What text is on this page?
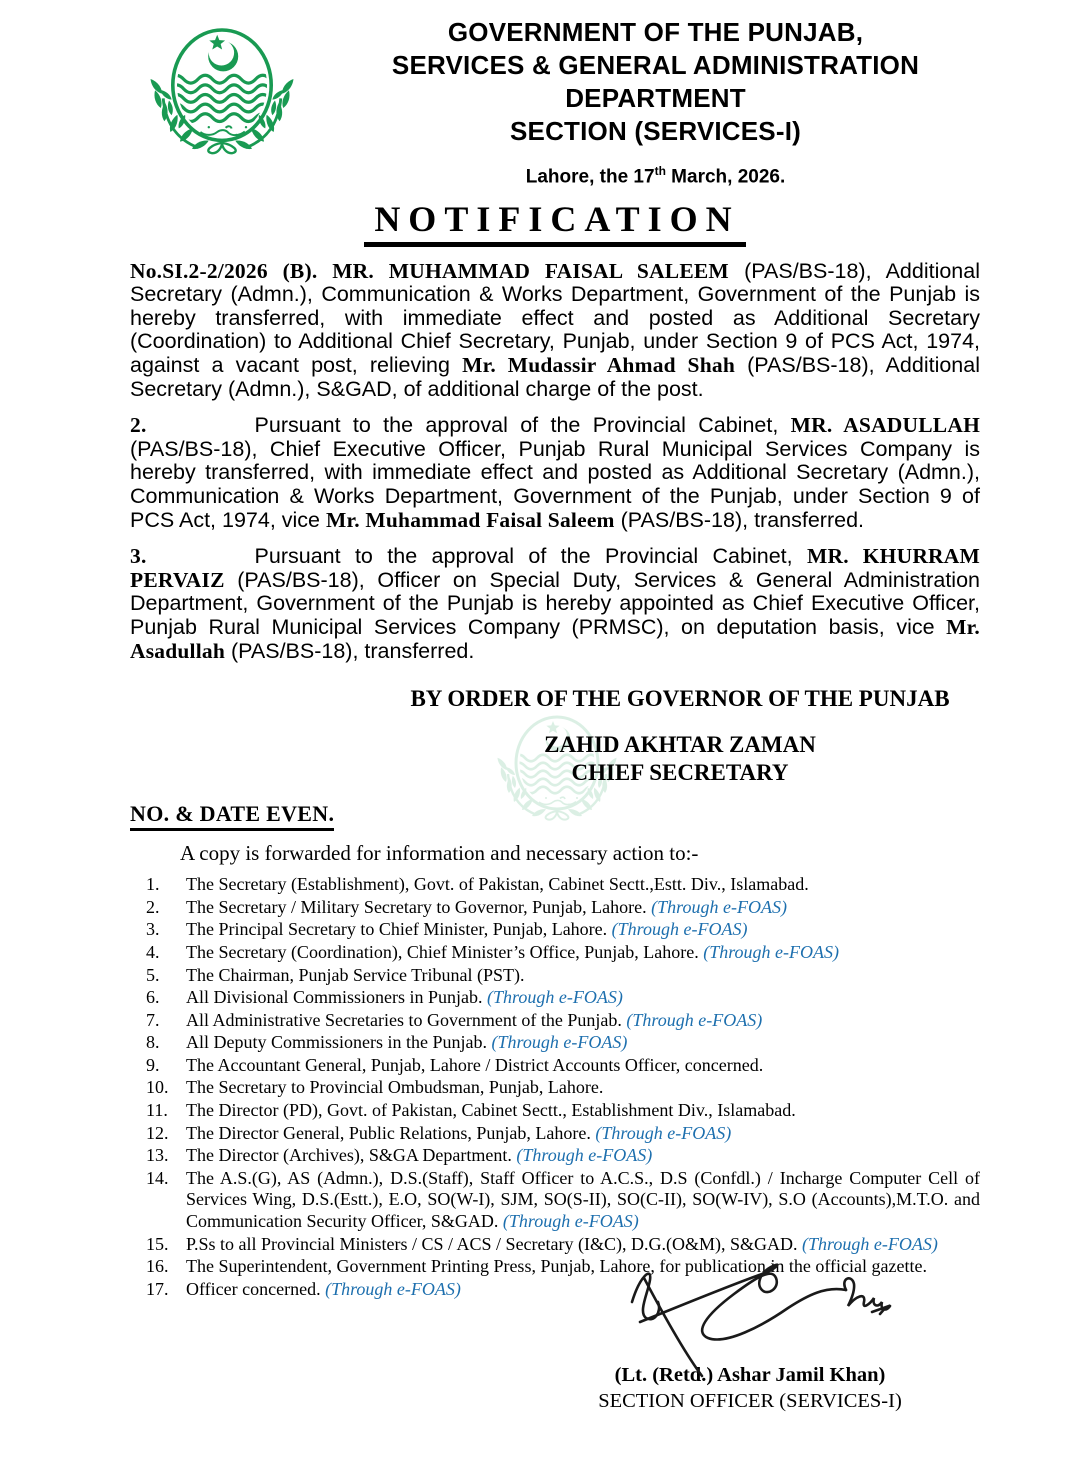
GOVERNMENT OF THE PUNJAB,
SERVICES & GENERAL ADMINISTRATION
DEPARTMENT
SECTION (SERVICES-I)
Lahore, the 17th March, 2026.
NOTIFICATION

No.SI.2-2/2026 (B). MR. MUHAMMAD FAISAL SALEEM (PAS/BS-18), Additional Secretary (Admn.), Communication & Works Department, Government of the Punjab is hereby transferred, with immediate effect and posted as Additional Secretary (Coordination) to Additional Chief Secretary, Punjab, under Section 9 of PCS Act, 1974, against a vacant post, relieving Mr. Mudassir Ahmad Shah (PAS/BS-18), Additional Secretary (Admn.), S&GAD, of additional charge of the post.

2.	Pursuant to the approval of the Provincial Cabinet, MR. ASADULLAH (PAS/BS-18), Chief Executive Officer, Punjab Rural Municipal Services Company is hereby transferred, with immediate effect and posted as Additional Secretary (Admn.), Communication & Works Department, Government of the Punjab, under Section 9 of PCS Act, 1974, vice Mr. Muhammad Faisal Saleem (PAS/BS-18), transferred.

3.	Pursuant to the approval of the Provincial Cabinet, MR. KHURRAM PERVAIZ (PAS/BS-18), Officer on Special Duty, Services & General Administration Department, Government of the Punjab is hereby appointed as Chief Executive Officer, Punjab Rural Municipal Services Company (PRMSC), on deputation basis, vice Mr. Asadullah (PAS/BS-18), transferred.

BY ORDER OF THE GOVERNOR OF THE PUNJAB
ZAHID AKHTAR ZAMAN
CHIEF SECRETARY
NO. & DATE EVEN.
A copy is forwarded for information and necessary action to:-
1.	The Secretary (Establishment), Govt. of Pakistan, Cabinet Sectt.,Estt. Div., Islamabad.
2.	The Secretary / Military Secretary to Governor, Punjab, Lahore. (Through e-FOAS)
3.	The Principal Secretary to Chief Minister, Punjab, Lahore. (Through e-FOAS)
4.	The Secretary (Coordination), Chief Minister’s Office, Punjab, Lahore. (Through e-FOAS)
5.	The Chairman, Punjab Service Tribunal (PST).
6.	All Divisional Commissioners in Punjab. (Through e-FOAS)
7.	All Administrative Secretaries to Government of the Punjab. (Through e-FOAS)
8.	All Deputy Commissioners in the Punjab. (Through e-FOAS)
9.	The Accountant General, Punjab, Lahore / District Accounts Officer, concerned.
10. The Secretary to Provincial Ombudsman, Punjab, Lahore.
11.	The Director (PD), Govt. of Pakistan, Cabinet Sectt., Establishment Div., Islamabad.
12. The Director General, Public Relations, Punjab, Lahore. (Through e-FOAS)
13. The Director (Archives), S&GA Department. (Through e-FOAS)
14. The A.S.(G), AS (Admn.), D.S.(Staff), Staff Officer to A.C.S., D.S (Confdl.) / Incharge Computer Cell of Services Wing, D.S.(Estt.), E.O, SO(W-I), SJM, SO(S-II), SO(C-II), SO(W-IV), S.O (Accounts),M.T.O. and Communication Security Officer, S&GAD. (Through e-FOAS)
15. P.Ss to all Provincial Ministers / CS / ACS / Secretary (I&C), D.G.(O&M), S&GAD. (Through e-FOAS)
16. The Superintendent, Government Printing Press, Punjab, Lahore, for publication in the official gazette.
17. Officer concerned. (Through e-FOAS)
(Lt. (Retd.) Ashar Jamil Khan)
SECTION OFFICER (SERVICES-I)
